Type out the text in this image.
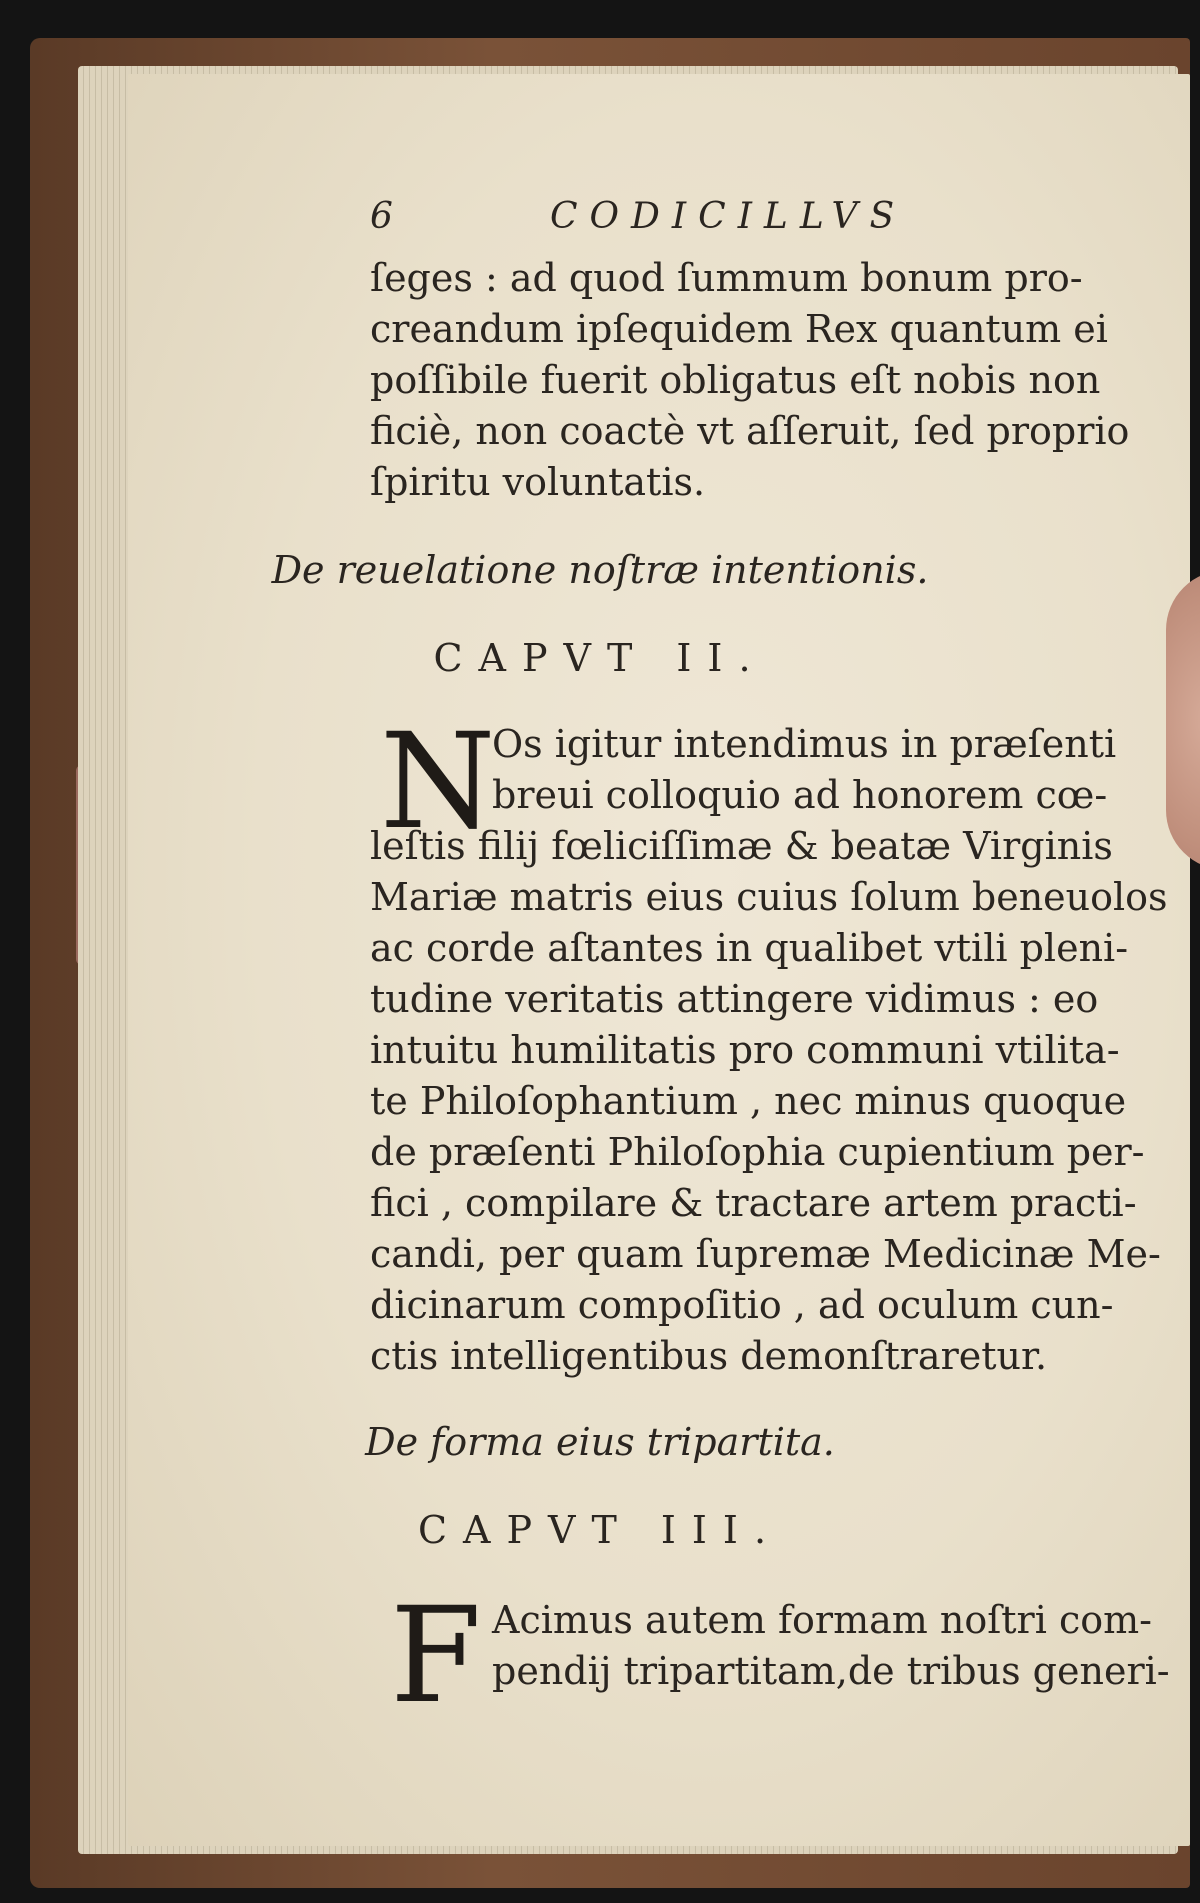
6	CODICILLVS
ſeges : ad quod ſummum bonum pro-
creandum ipſequidem Rex quantum ei
poſſibile fuerit obligatus eſt nobis non
ficiè, non coactè vt aſſeruit, ſed proprio
ſpiritu voluntatis.
De reuelatione noſtræ intentionis.
CAPVT II.
N
Os igitur intendimus in præſenti
breui colloquio ad honorem cœ-
leſtis filij fœliciſſimæ & beatæ Virginis
Mariæ matris eius cuius ſolum beneuolos
ac corde aſtantes in qualibet vtili pleni-
tudine veritatis attingere vidimus : eo
intuitu humilitatis pro communi vtilita-
te Philoſophantium , nec minus quoque
de præſenti Philoſophia cupientium per-
fici , compilare & tractare artem practi-
candi, per quam ſupremæ Medicinæ Me-
dicinarum compoſitio , ad oculum cun-
ctis intelligentibus demonſtraretur.
De forma eius tripartita.
CAPVT III.
F Acimus autem formam noſtri com-
pendij tripartitam,de tribus generi-
